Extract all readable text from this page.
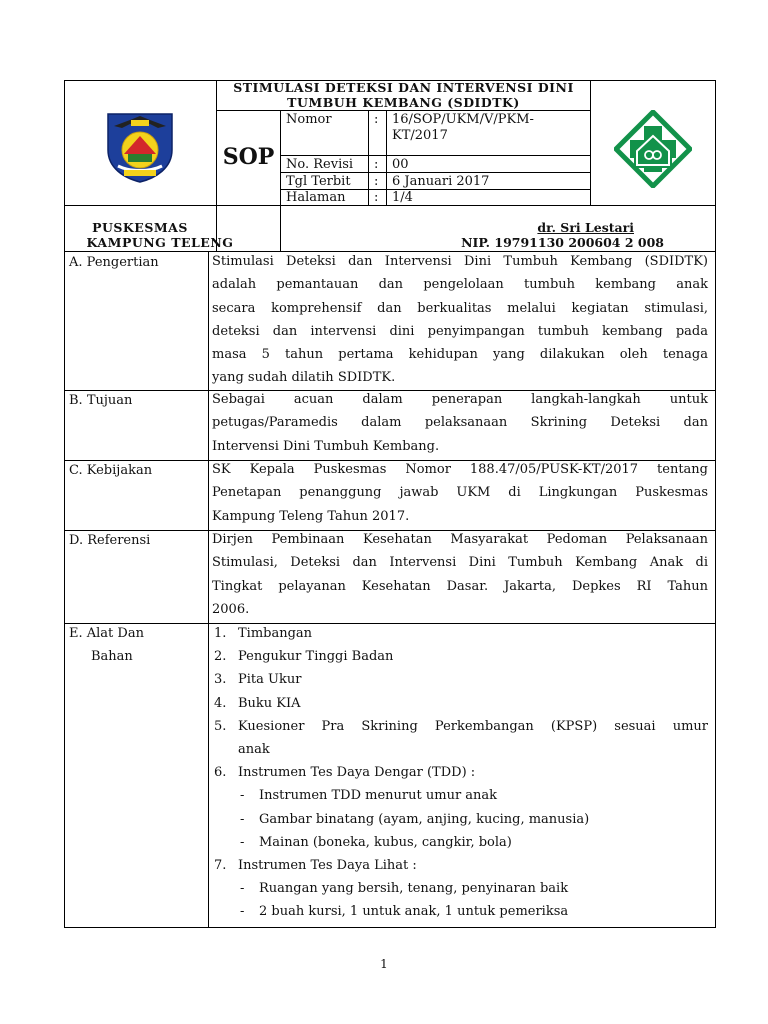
STIMULASI DETEKSI DAN INTERVENSI DINI
TUMBUH KEMBANG (SDIDTK)
SOP
Nomor	: 16/SOP/UKM/V/PKM-
KT/2017
No. Revisi : 00
Tgl Terbit : 6 Januari 2017
Halaman : 1/4
PUSKESMAS
KAMPUNG TELENG
dr. Sri Lestari
NIP. 19791130 200604 2 008
A. Pengertian	Stimulasi Deteksi dan Intervensi Dini Tumbuh Kembang (SDIDTK)
adalah pemantauan dan pengelolaan tumbuh kembang anak
secara komprehensif dan berkualitas melalui kegiatan stimulasi,
deteksi dan intervensi dini penyimpangan tumbuh kembang pada
masa 5 tahun pertama kehidupan yang dilakukan oleh tenaga
yang sudah dilatih SDIDTK.
B. Tujuan	Sebagai acuan dalam penerapan langkah-langkah untuk
petugas/Paramedis dalam pelaksanaan Skrining Deteksi dan
Intervensi Dini Tumbuh Kembang.
C. Kebijakan	SK Kepala Puskesmas Nomor 188.47/05/PUSK-KT/2017 tentang
Penetapan penanggung jawab UKM di Lingkungan Puskesmas
Kampung Teleng Tahun 2017.
D. Referensi	Dirjen Pembinaan Kesehatan Masyarakat Pedoman Pelaksanaan
Stimulasi, Deteksi dan Intervensi Dini Tumbuh Kembang Anak di
Tingkat pelayanan Kesehatan Dasar. Jakarta, Depkes RI Tahun
2006.
E. Alat Dan
Bahan
1. Timbangan
2. Pengukur Tinggi Badan
3. Pita Ukur
4. Buku KIA
5. Kuesioner Pra Skrining Perkembangan (KPSP) sesuai umur
anak
6. Instrumen Tes Daya Dengar (TDD) :
- Instrumen TDD menurut umur anak
- Gambar binatang (ayam, anjing, kucing, manusia)
- Mainan (boneka, kubus, cangkir, bola)
7. Instrumen Tes Daya Lihat :
- Ruangan yang bersih, tenang, penyinaran baik
- 2 buah kursi, 1 untuk anak, 1 untuk pemeriksa
1
